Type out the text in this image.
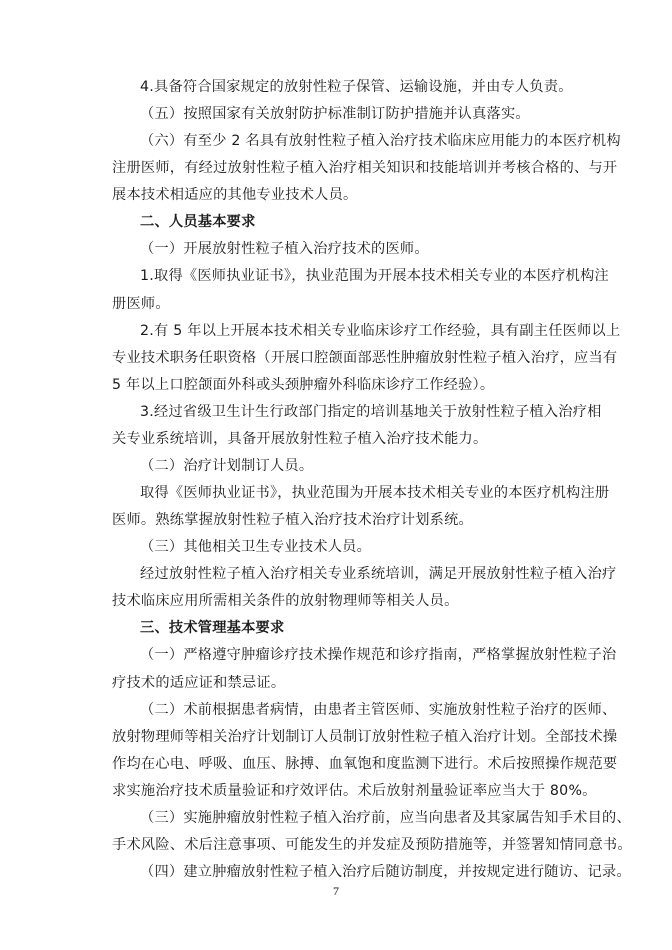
4.具备符合国家规定的放射性粒子保管、运输设施，并由专人负责。
（五）按照国家有关放射防护标准制订防护措施并认真落实。
（六）有至少 2 名具有放射性粒子植入治疗技术临床应用能力的本医疗机构
注册医师，有经过放射性粒子植入治疗相关知识和技能培训并考核合格的、与开
展本技术相适应的其他专业技术人员。
二、人员基本要求
（一）开展放射性粒子植入治疗技术的医师。
1.取得《医师执业证书》，执业范围为开展本技术相关专业的本医疗机构注
册医师。
2.有 5 年以上开展本技术相关专业临床诊疗工作经验，具有副主任医师以上
专业技术职务任职资格（开展口腔颌面部恶性肿瘤放射性粒子植入治疗，应当有
5 年以上口腔颌面外科或头颈肿瘤外科临床诊疗工作经验）。
3.经过省级卫生计生行政部门指定的培训基地关于放射性粒子植入治疗相
关专业系统培训，具备开展放射性粒子植入治疗技术能力。
（二）治疗计划制订人员。
取得《医师执业证书》，执业范围为开展本技术相关专业的本医疗机构注册
医师。熟练掌握放射性粒子植入治疗技术治疗计划系统。
（三）其他相关卫生专业技术人员。
经过放射性粒子植入治疗相关专业系统培训，满足开展放射性粒子植入治疗
技术临床应用所需相关条件的放射物理师等相关人员。
三、技术管理基本要求
（一）严格遵守肿瘤诊疗技术操作规范和诊疗指南，严格掌握放射性粒子治
疗技术的适应证和禁忌证。
（二）术前根据患者病情，由患者主管医师、实施放射性粒子治疗的医师、
放射物理师等相关治疗计划制订人员制订放射性粒子植入治疗计划。全部技术操
作均在心电、呼吸、血压、脉搏、血氧饱和度监测下进行。术后按照操作规范要
求实施治疗技术质量验证和疗效评估。术后放射剂量验证率应当大于 80%。
（三）实施肿瘤放射性粒子植入治疗前，应当向患者及其家属告知手术目的、
手术风险、术后注意事项、可能发生的并发症及预防措施等，并签署知情同意书。
（四）建立肿瘤放射性粒子植入治疗后随访制度，并按规定进行随访、记录。
7
